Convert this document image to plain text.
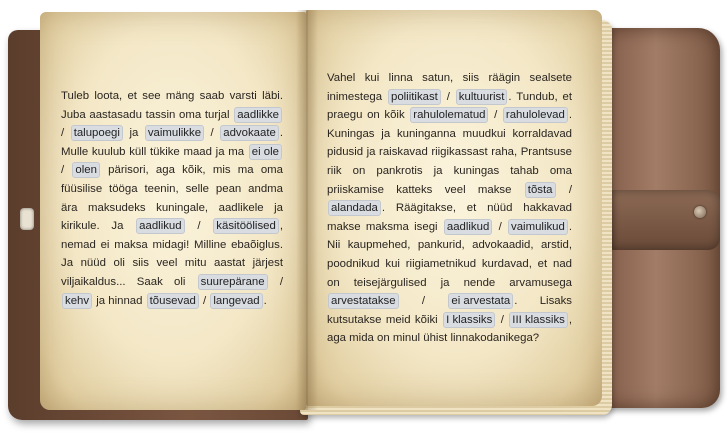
Tuleb loota, et see mäng saab varsti läbi. Juba aastasadu tassin oma turjal aadlikke / talupoegi ja vaimulikke / advokaate . Mulle kuulub küll tükike maad ja ma ei ole / olen pärisori, aga kõik, mis ma oma füüsilise tööga teenin, selle pean andma ära maksudeks kuningale, aadlikele ja kirikule. Ja aadlikud / käsitöölised , nemad ei maksa midagi! Milline ebaõiglus. Ja nüüd oli siis veel mitu aastat järjest viljaikaldus... Saak oli suurepärane / kehv ja hinnad tõusevad / langevad .
Vahel kui linna satun, siis räägin sealsete inimestega poliitikast / kultuurist . Tundub, et praegu on kõik rahulolematud / rahulolevad . Kuningas ja kuninganna muudkui korraldavad pidusid ja raiskavad riigikassast raha, Prantsuse riik on pankrotis ja kuningas tahab oma priiskamise katteks veel makse tõsta / alandada . Räägitakse, et nüüd hakkavad makse maksma isegi aadlikud / vaimulikud . Nii kaupmehed, pankurid, advokaadid, arstid, poodnikud kui riigiametnikud kurdavad, et nad on teisejärgulised ja nende arvamusega arvestatakse / ei arvestata . Lisaks kutsutakse meid kõiki I klassiks / III klassiks , aga mida on minul ühist linnakodanikega?
